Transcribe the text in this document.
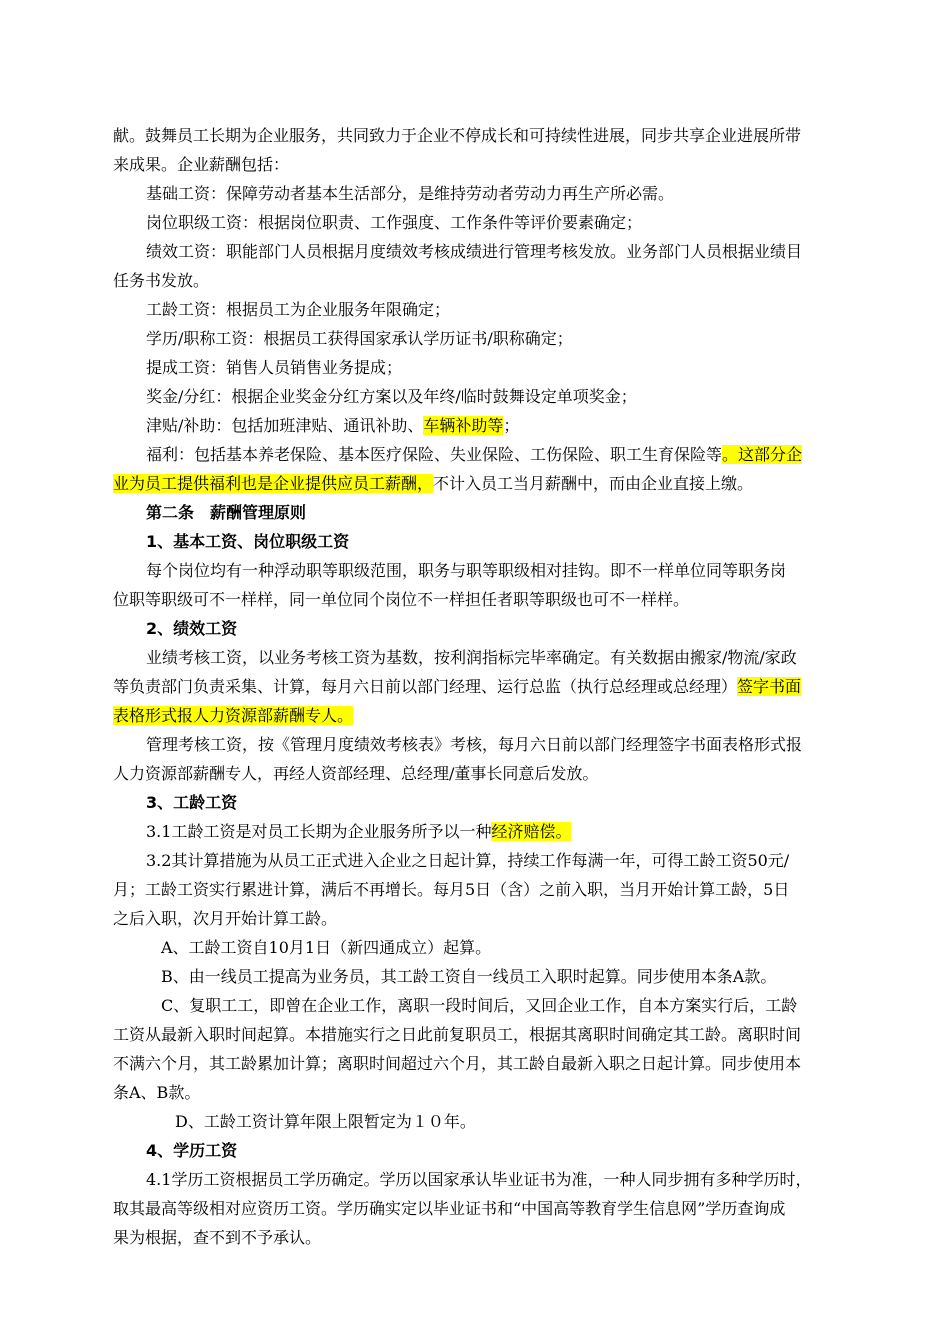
献。鼓舞员工长期为企业服务，共同致力于企业不停成长和可持续性进展，同步共享企业进展所带
来成果。企业薪酬包括：
基础工资：保障劳动者基本生活部分，是维持劳动者劳动力再生产所必需。
岗位职级工资：根据岗位职责、工作强度、工作条件等评价要素确定；
绩效工资：职能部门人员根据月度绩效考核成绩进行管理考核发放。业务部门人员根据业绩目
任务书发放。
工龄工资：根据员工为企业服务年限确定；
学历/职称工资：根据员工获得国家承认学历证书/职称确定；
提成工资：销售人员销售业务提成；
奖金/分红：根据企业奖金分红方案以及年终/临时鼓舞设定单项奖金；
津贴/补助：包括加班津贴、通讯补助、车辆补助等；
福利：包括基本养老保险、基本医疗保险、失业保险、工伤保险、职工生育保险等。这部分企
业为员工提供福利也是企业提供应员工薪酬，不计入员工当月薪酬中，而由企业直接上缴。
第二条　薪酬管理原则
1、基本工资、岗位职级工资
每个岗位均有一种浮动职等职级范围，职务与职等职级相对挂钩。即不一样单位同等职务岗
位职等职级可不一样样，同一单位同个岗位不一样担任者职等职级也可不一样样。
2、绩效工资
业绩考核工资，以业务考核工资为基数，按利润指标完毕率确定。有关数据由搬家/物流/家政
等负责部门负责采集、计算，每月六日前以部门经理、运行总监（执行总经理或总经理）签字书面
表格形式报人力资源部薪酬专人。
管理考核工资，按《管理月度绩效考核表》考核，每月六日前以部门经理签字书面表格形式报
人力资源部薪酬专人，再经人资部经理、总经理/董事长同意后发放。
3、工龄工资
3.1工龄工资是对员工长期为企业服务所予以一种经济赔偿。
3.2其计算措施为从员工正式进入企业之日起计算，持续工作每满一年，可得工龄工资50元/
月；工龄工资实行累进计算，满后不再增长。每月5日（含）之前入职，当月开始计算工龄，5日
之后入职，次月开始计算工龄。
A、工龄工资自10月1日（新四通成立）起算。
B、由一线员工提高为业务员，其工龄工资自一线员工入职时起算。同步使用本条A款。
C、复职工工，即曾在企业工作，离职一段时间后，又回企业工作，自本方案实行后，工龄
工资从最新入职时间起算。本措施实行之日此前复职员工，根据其离职时间确定其工龄。离职时间
不满六个月，其工龄累加计算；离职时间超过六个月，其工龄自最新入职之日起计算。同步使用本
条A、B款。
D、工龄工资计算年限上限暂定为１０年。
4、学历工资
4.1学历工资根据员工学历确定。学历以国家承认毕业证书为准，一种人同步拥有多种学历时，
取其最高等级相对应资历工资。学历确实定以毕业证书和“中国高等教育学生信息网”学历查询成
果为根据，查不到不予承认。
